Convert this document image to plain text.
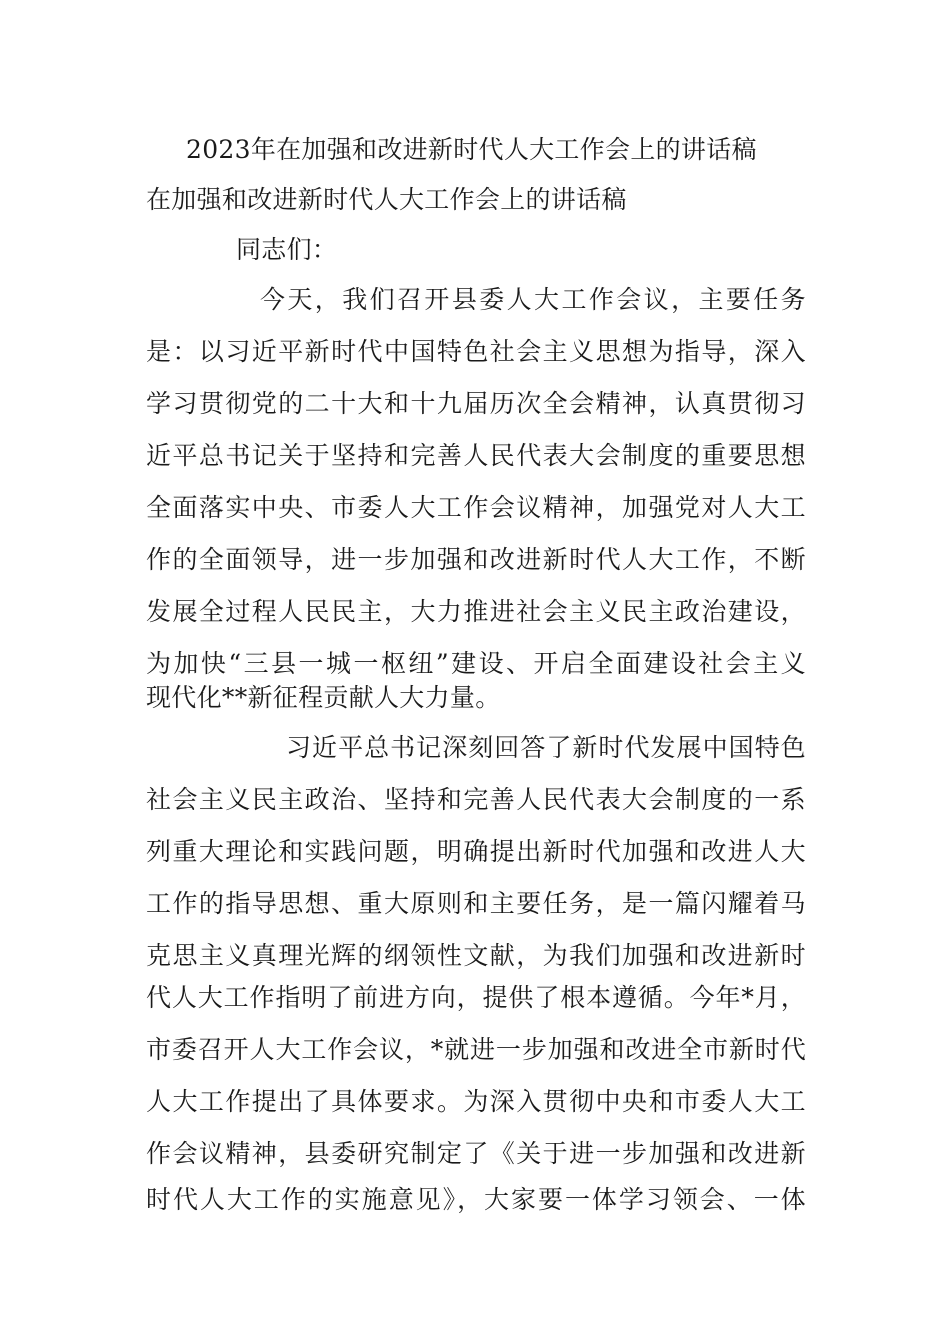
2023年在加强和改进新时代人大工作会上的讲话稿
在加强和改进新时代人大工作会上的讲话稿
同志们：
今天，我们召开县委人大工作会议，主要任务
是：以习近平新时代中国特色社会主义思想为指导，深入
学习贯彻党的二十大和十九届历次全会精神，认真贯彻习
近平总书记关于坚持和完善人民代表大会制度的重要思想
全面落实中央、市委人大工作会议精神，加强党对人大工
作的全面领导，进一步加强和改进新时代人大工作，不断
发展全过程人民民主，大力推进社会主义民主政治建设，
为加快“三县一城一枢纽”建设、开启全面建设社会主义
现代化**新征程贡献人大力量。
习近平总书记深刻回答了新时代发展中国特色
社会主义民主政治、坚持和完善人民代表大会制度的一系
列重大理论和实践问题，明确提出新时代加强和改进人大
工作的指导思想、重大原则和主要任务，是一篇闪耀着马
克思主义真理光辉的纲领性文献，为我们加强和改进新时
代人大工作指明了前进方向，提供了根本遵循。今年*月，
市委召开人大工作会议，*就进一步加强和改进全市新时代
人大工作提出了具体要求。为深入贯彻中央和市委人大工
作会议精神，县委研究制定了《关于进一步加强和改进新
时代人大工作的实施意见》，大家要一体学习领会、一体
